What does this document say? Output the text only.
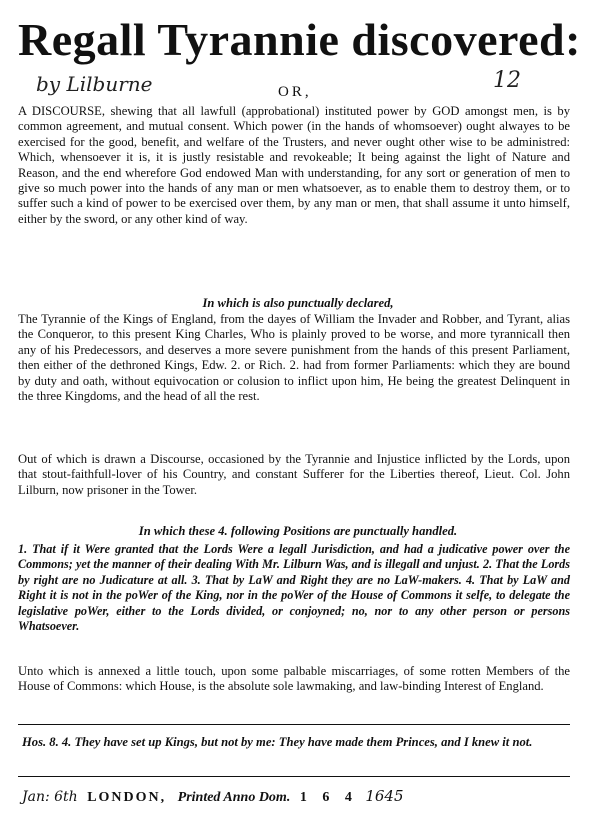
Regall Tyrannie discovered:
by Lilburne	12
OR,

A DISCOURSE, shewing that all lawfull (approbational) instituted power by GOD amongst men, is by common agreement, and mutual consent. Which power (in the hands of whomsoever) ought alwayes to be exercised for the good, benefit, and welfare of the Trusters, and never ought other wise to be administred: Which, whensoever it is, it is justly resistable and revokeable; It being against the light of Nature and Reason, and the end wherefore God endowed Man with understanding, for any sort or generation of men to give so much power into the hands of any man or men whatsoever, as to enable them to destroy them, or to suffer such a kind of power to be exercised over them, by any man or men, that shall assume it unto himself, either by the sword, or any other kind of way.

In which is also punctually declared,

The Tyrannie of the Kings of England, from the dayes of William the Invader and Robber, and Tyrant, alias the Conqueror, to this present King Charles, Who is plainly proved to be worse, and more tyrannicall then any of his Predecessors, and deserves a more severe punishment from the hands of this present Parliament, then either of the dethroned Kings, Edw. 2. or Rich. 2. had from former Parliaments: which they are bound by duty and oath, without equivocation or colusion to inflict upon him, He being the greatest Delinquent in the three Kingdoms, and the head of all the rest.

Out of which is drawn a Discourse, occasioned by the Tyrannie and Injustice inflicted by the Lords, upon that stout-faithfull-lover of his Country, and constant Sufferer for the Liberties thereof, Lieut. Col. John Lilburn, now prisoner in the Tower.

In which these 4. following Positions are punctually handled.

1. That if it Were granted that the Lords Were a legall Jurisdiction, and had a judicative power over the Commons; yet the manner of their dealing With Mr. Lilburn Was, and is illegall and unjust. 2. That the Lords by right are no Judicature at all. 3. That by LaW and Right they are no LaW-makers. 4. That by LaW and Right it is not in the poWer of the King, nor in the poWer of the House of Commons it selfe, to delegate the legislative poWer, either to the Lords divided, or conjoyned; no, nor to any other person or persons Whatsoever.

Unto which is annexed a little touch, upon some palbable miscarriages, of some rotten Members of the House of Commons: which House, is the absolute sole lawmaking, and law-binding Interest of England.

Hos. 8. 4. They have set up Kings, but not by me: They have made them Princes, and I knew it not.
Jan: 6th LONDON, Printed Anno Dom. 1 6 4 1645
